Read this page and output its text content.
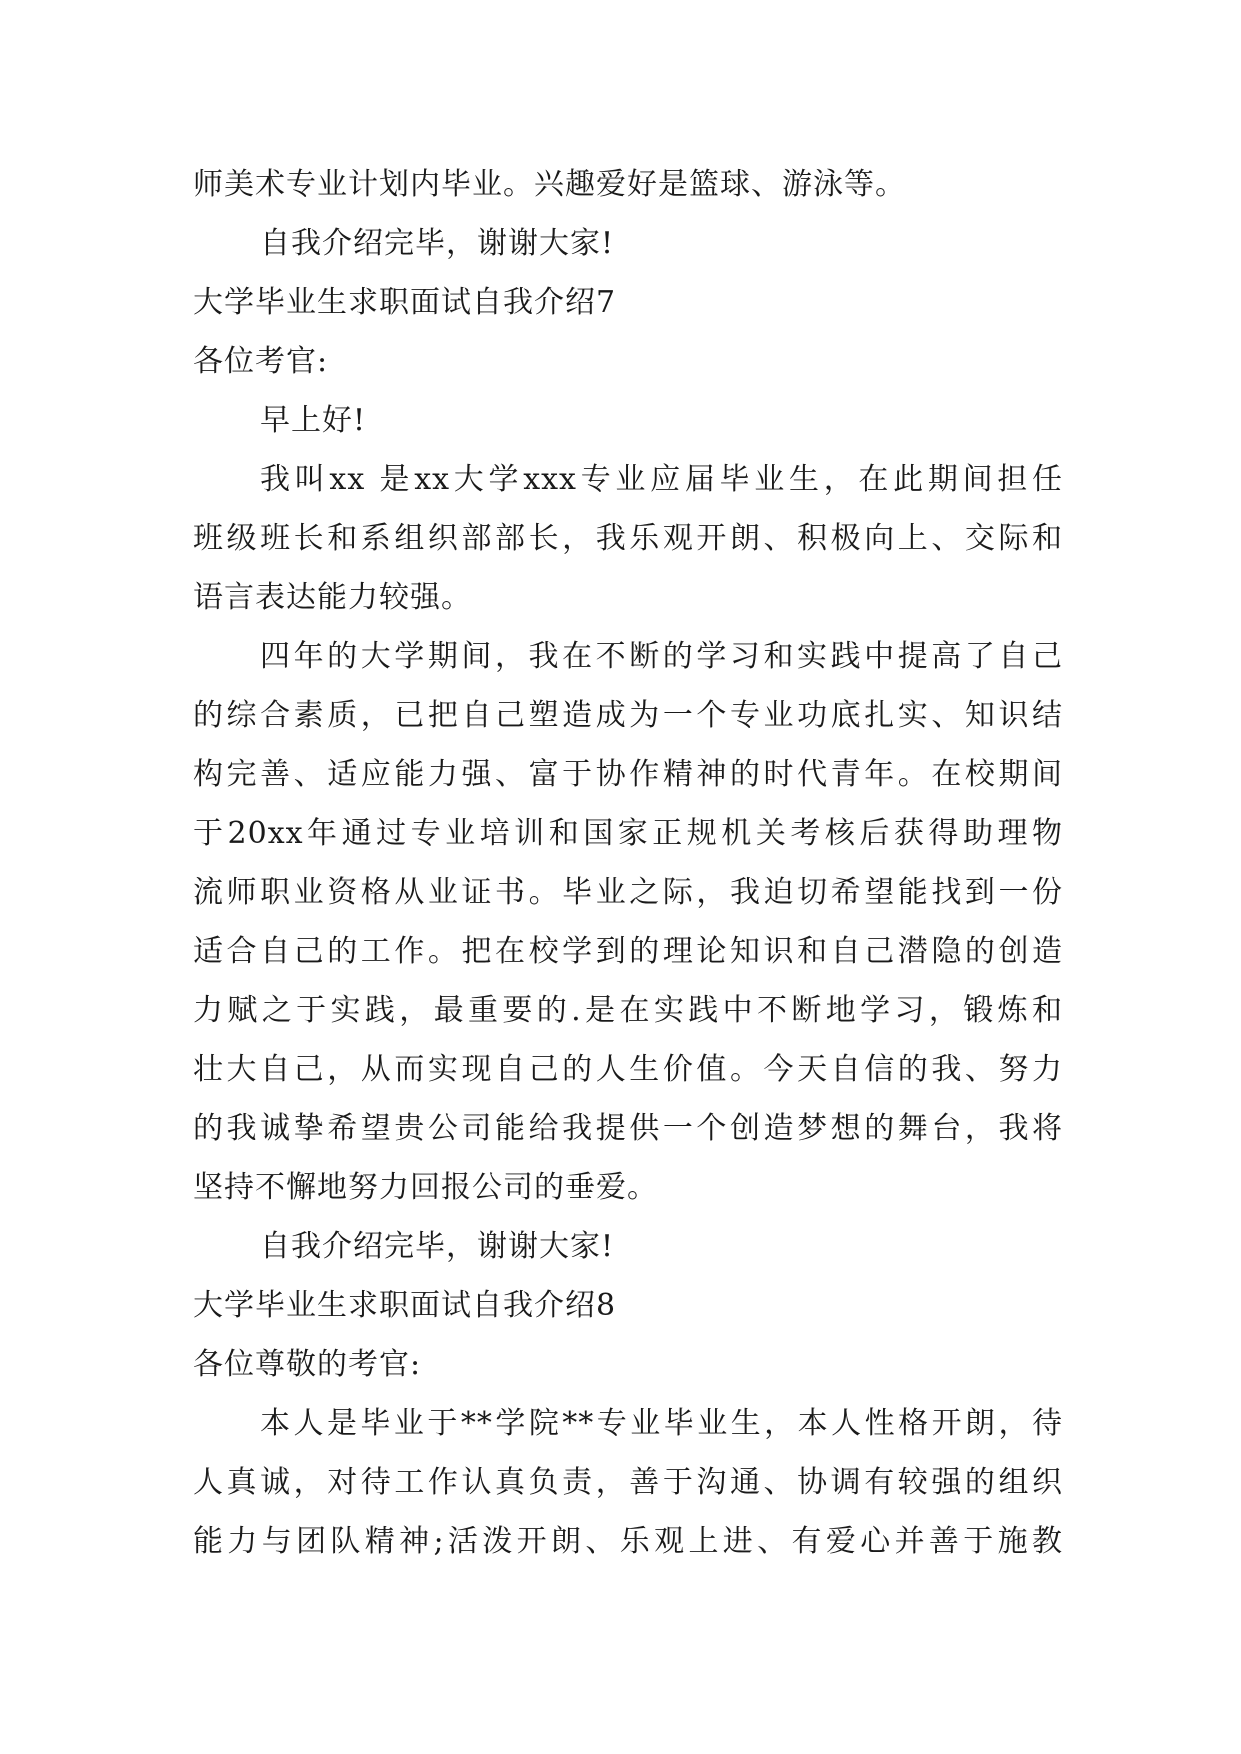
师美术专业计划内毕业。兴趣爱好是篮球、游泳等。
自我介绍完毕，谢谢大家!
大学毕业生求职面试自我介绍7
各位考官:
早上好!
我叫xx 是xx大学xxx专业应届毕业生，在此期间担任
班级班长和系组织部部长，我乐观开朗、积极向上、交际和
语言表达能力较强。
四年的大学期间，我在不断的学习和实践中提高了自己
的综合素质，已把自己塑造成为一个专业功底扎实、知识结
构完善、适应能力强、富于协作精神的时代青年。在校期间
于20xx年通过专业培训和国家正规机关考核后获得助理物
流师职业资格从业证书。毕业之际，我迫切希望能找到一份
适合自己的工作。把在校学到的理论知识和自己潜隐的创造
力赋之于实践，最重要的.是在实践中不断地学习，锻炼和
壮大自己，从而实现自己的人生价值。今天自信的我、努力
的我诚挚希望贵公司能给我提供一个创造梦想的舞台，我将
坚持不懈地努力回报公司的垂爱。
自我介绍完毕，谢谢大家!
大学毕业生求职面试自我介绍8
各位尊敬的考官:
本人是毕业于**学院**专业毕业生，本人性格开朗，待
人真诚，对待工作认真负责，善于沟通、协调有较强的组织
能力与团队精神;活泼开朗、乐观上进、有爱心并善于施教
